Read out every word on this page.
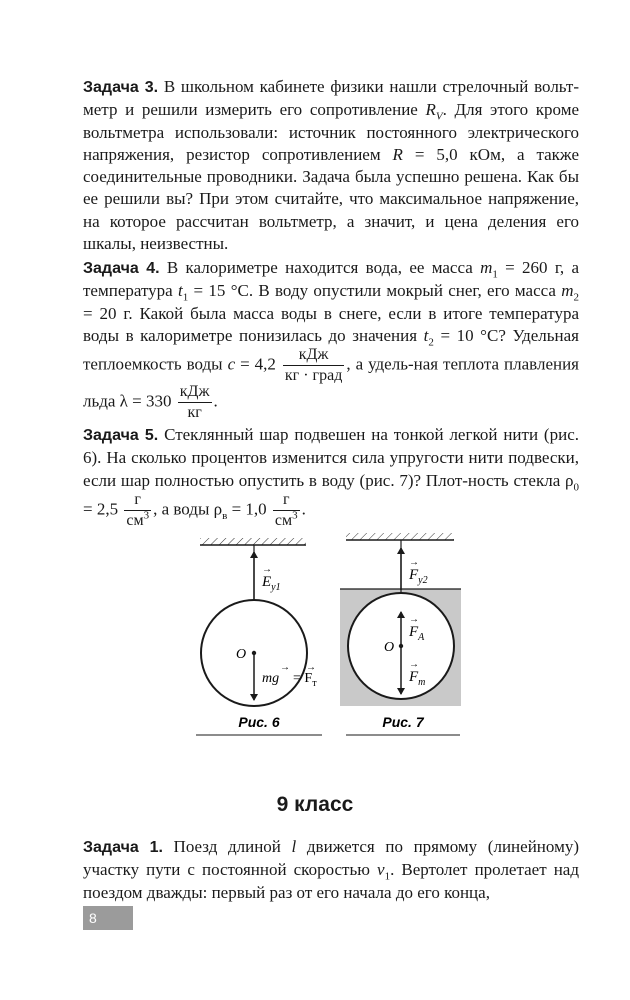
Задача 3. В школьном кабинете физики нашли стрелочный вольт-метр и решили измерить его сопротивление $R_V$. Для этого кроме вольтметра использовали: источник постоянного электрического напряжения, резистор сопротивлением R = 5,0 кОм, а также соединительные проводники. Задача была успешно решена. Как бы ее решили вы? При этом считайте, что максимальное напряжение, на которое рассчитан вольтметр, а значит, и цена деления его шкалы, неизвестны.

Задача 4. В калориметре находится вода, ее масса $m_1 = 260$ г, а температура $t_1 = 15$ °С. В воду опустили мокрый снег, его масса $m_2 = 20$ г. Какой была масса воды в снеге, если в итоге температура воды в калориметре понизилась до значения $t_2 = 10$ °С? Удельная теплоемкость воды $c = 4,2 \frac{\text{кДж}}{\text{кг · град}}$ , а удель-ная теплота плавления льда $\lambda = 330 \frac{\text{кДж}}{кг}$ .

Задача 5. Стеклянный шар подвешен на тонкой легкой нити (рис. 6). На сколько процентов изменится сила упругости нити подвески, если шар полностью опустить в воду (рис. 7)? Плот-ность стекла $\rho_0 = 2,5 \frac{г}{см^3}$ , а воды $\rho_в = 1,0 \frac{г}{см^3}$ .

$E_{у1}$
→
O
mg
→
= $F_т$
→
Рис. 6
$F_{у2}$
→
$F_А$
→
O
$F_т$
→
Рис. 7
9 класс

Задача 1. Поезд длиной l движется по прямому (линейному) участку пути с постоянной скоростью $v_1$. Вертолет пролетает над поездом дважды: первый раз от его начала до его конца,

8
